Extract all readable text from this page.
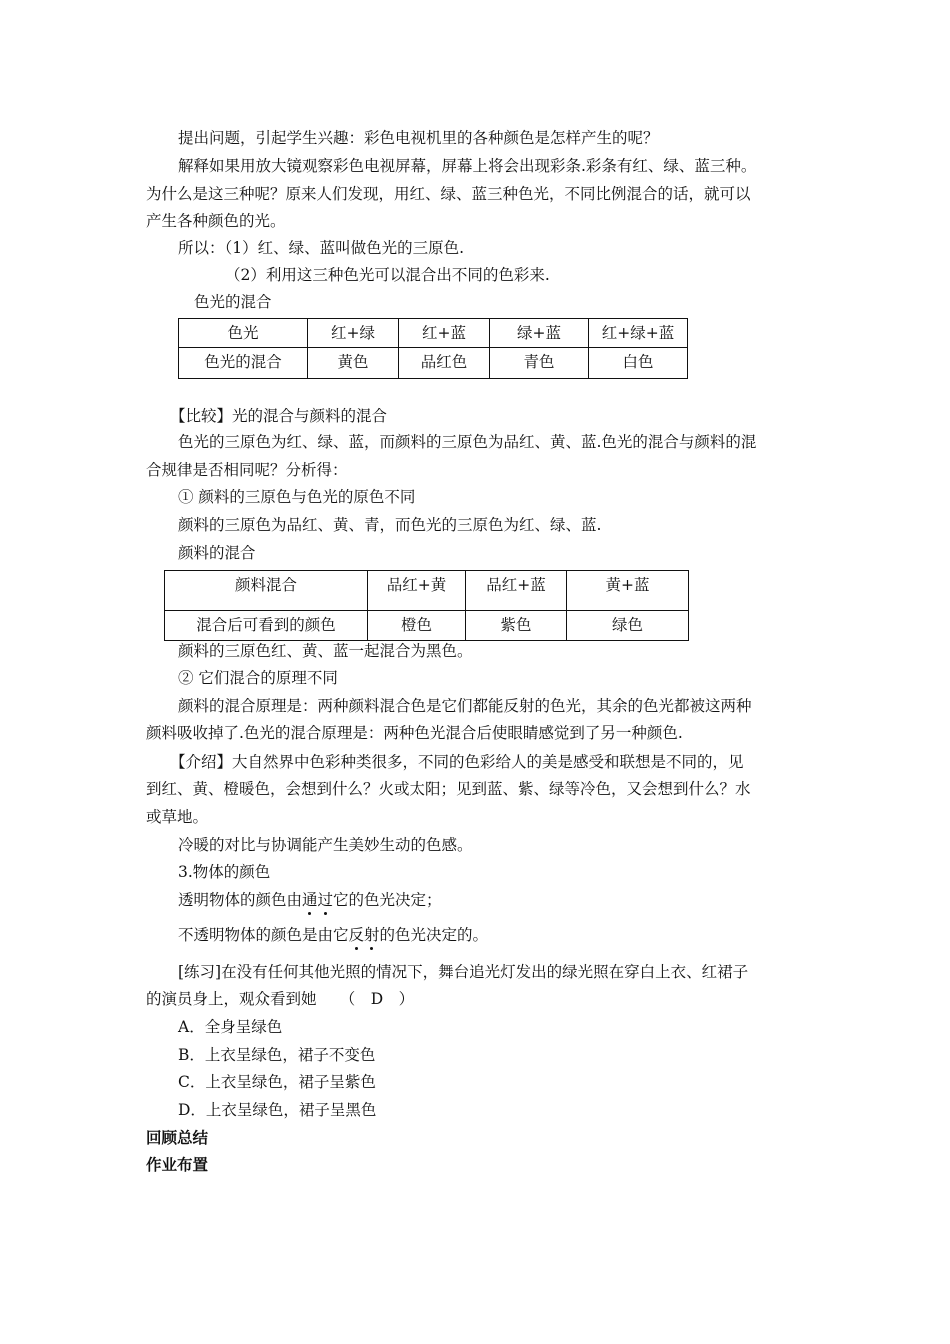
提出问题，引起学生兴趣：彩色电视机里的各种颜色是怎样产生的呢？
解释如果用放大镜观察彩色电视屏幕，屏幕上将会出现彩条.彩条有红、绿、蓝三种。
为什么是这三种呢？原来人们发现，用红、绿、蓝三种色光，不同比例混合的话，就可以
产生各种颜色的光。
所以：（1）红、绿、蓝叫做色光的三原色.
（2）利用这三种色光可以混合出不同的色彩来.
色光的混合
色光	红+绿	红+蓝	绿+蓝	红+绿+蓝
色光的混合	黄色	品红色	青色	白色
【比较】光的混合与颜料的混合
色光的三原色为红、绿、蓝，而颜料的三原色为品红、黄、蓝.色光的混合与颜料的混
合规律是否相同呢？分析得：
① 颜料的三原色与色光的原色不同
颜料的三原色为品红、黄、青，而色光的三原色为红、绿、蓝.
颜料的混合
颜料混合	品红+黄	品红+蓝	黄+蓝
混合后可看到的颜色	橙色	紫色	绿色
颜料的三原色红、黄、蓝一起混合为黑色。
② 它们混合的原理不同
颜料的混合原理是：两种颜料混合色是它们都能反射的色光，其余的色光都被这两种
颜料吸收掉了.色光的混合原理是：两种色光混合后使眼睛感觉到了另一种颜色.
【介绍】大自然界中色彩种类很多，不同的色彩给人的美是感受和联想是不同的，见
到红、黄、橙暖色，会想到什么？火或太阳；见到蓝、紫、绿等冷色，又会想到什么？水
或草地。
冷暖的对比与协调能产生美妙生动的色感。
3.物体的颜色
透明物体的颜色由通过它的色光决定；
不透明物体的颜色是由它反射的色光决定的。
[练习]在没有任何其他光照的情况下，舞台追光灯发出的绿光照在穿白上衣、红裙子
的演员身上，观众看到她　　（　D　）
A．全身呈绿色
B．上衣呈绿色，裙子不变色
C．上衣呈绿色，裙子呈紫色
D．上衣呈绿色，裙子呈黑色
回顾总结
作业布置
